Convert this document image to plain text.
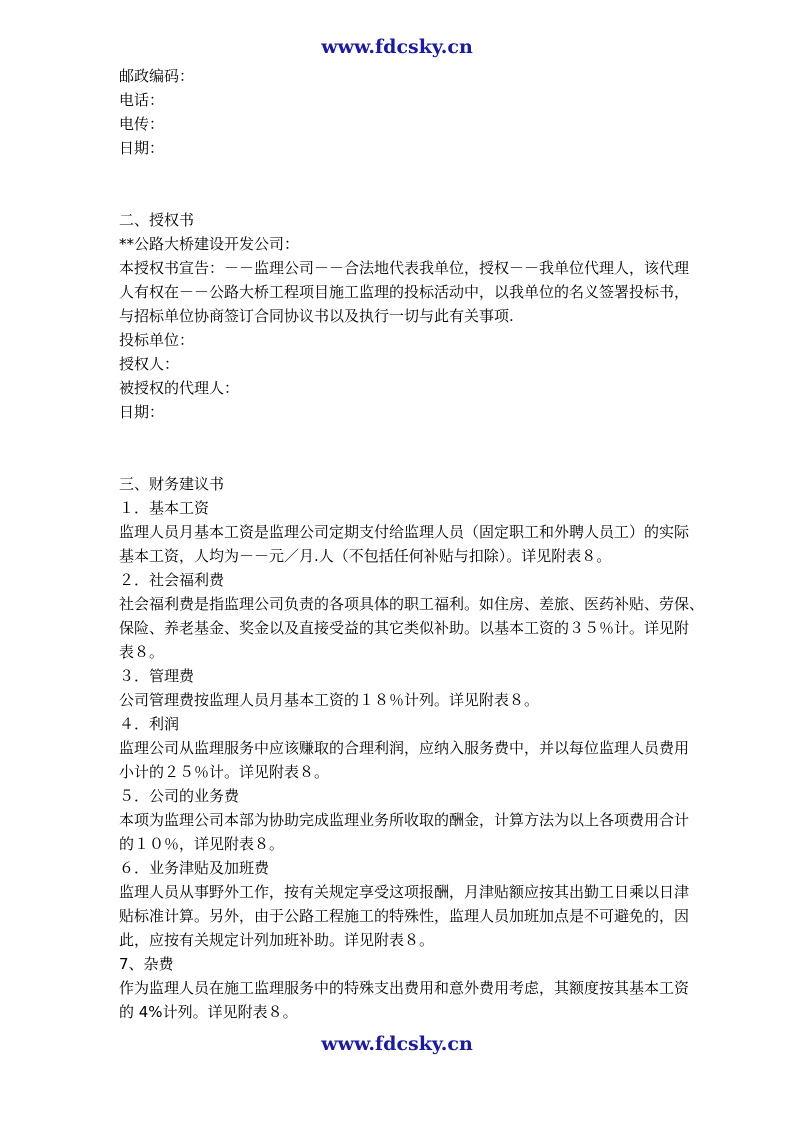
www.fdcsky.cn

邮政编码：

电话：

电传：

日期：

二、授权书

**公路大桥建设开发公司：

本授权书宣告：－－监理公司－－合法地代表我单位，授权－－我单位代理人，该代理

人有权在－－公路大桥工程项目施工监理的投标活动中，以我单位的名义签署投标书，

与招标单位协商签订合同协议书以及执行一切与此有关事项.

投标单位：

授权人：

被授权的代理人：

日期：

三、财务建议书

１．基本工资

监理人员月基本工资是监理公司定期支付给监理人员（固定职工和外聘人员工）的实际

基本工资，人均为－－元／月.人（不包括任何补贴与扣除）。详见附表８。

２．社会福利费

社会福利费是指监理公司负责的各项具体的职工福利。如住房、差旅、医药补贴、劳保、

保险、养老基金、奖金以及直接受益的其它类似补助。以基本工资的３５％计。详见附

表８。

３．管理费

公司管理费按监理人员月基本工资的１８％计列。详见附表８。

４．利润

监理公司从监理服务中应该赚取的合理利润，应纳入服务费中，并以每位监理人员费用

小计的２５％计。详见附表８。

５．公司的业务费

本项为监理公司本部为协助完成监理业务所收取的酬金，计算方法为以上各项费用合计

的１０％，详见附表８。

６．业务津贴及加班费

监理人员从事野外工作，按有关规定享受这项报酬，月津贴额应按其出勤工日乘以日津

贴标准计算。另外，由于公路工程施工的特殊性，监理人员加班加点是不可避免的，因

此，应按有关规定计列加班补助。详见附表８。

7、杂费

作为监理人员在施工监理服务中的特殊支出费用和意外费用考虑，其额度按其基本工资

的 4%计列。详见附表８。

www.fdcsky.cn
